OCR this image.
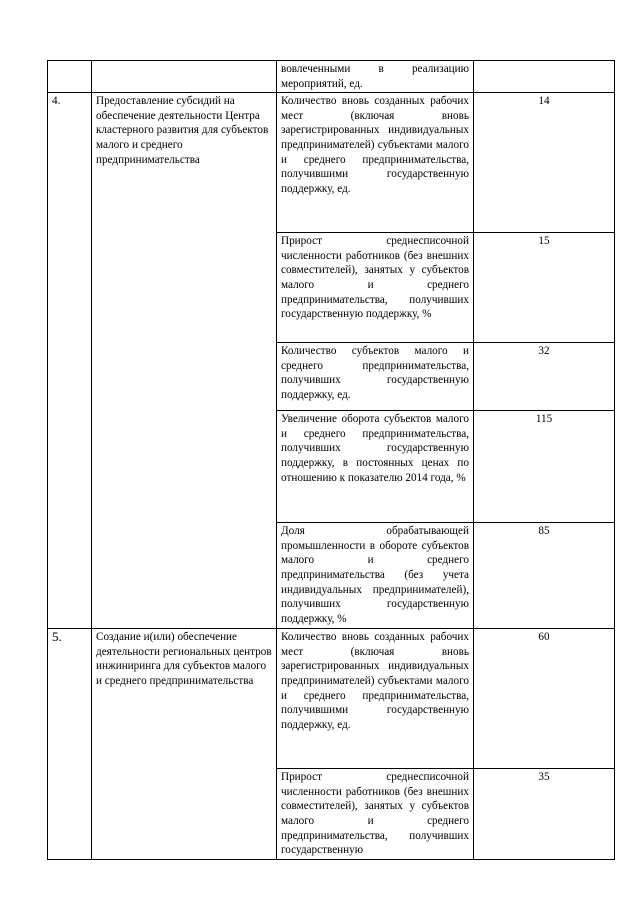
		вовлеченными в реализацию мероприятий, ед.	
4.	Предоставление субсидий на обеспечение деятельности Центра кластерного развития для субъектов малого и среднего предпринимательства	Количество вновь созданных рабочих мест (включая вновь зарегистрированных индивидуальных предпринимателей) субъектами малого и среднего предпринимательства, получившими государственную поддержку, ед.	14
		Прирост среднесписочной численности работников (без внешних совместителей), занятых у субъектов малого и среднего предпринимательства, получивших государственную поддержку, %	15
		Количество субъектов малого и среднего предпринимательства, получивших государственную поддержку, ед.	32
		Увеличение оборота субъектов малого и среднего предпринимательства, получивших государственную поддержку, в постоянных ценах по отношению к показателю 2014 года, %	115
		Доля обрабатывающей промышленности в обороте субъектов малого и среднего предпринимательства (без учета индивидуальных предпринимателей), получивших государственную поддержку, %	85
5.	Создание и(или) обеспечение деятельности региональных центров инжиниринга для субъектов малого и среднего предпринимательства	Количество вновь созданных рабочих мест (включая вновь зарегистрированных индивидуальных предпринимателей) субъектами малого и среднего предпринимательства, получившими государственную поддержку, ед.	60
		Прирост среднесписочной численности работников (без внешних совместителей), занятых у субъектов малого и среднего предпринимательства, получивших государственную	35
